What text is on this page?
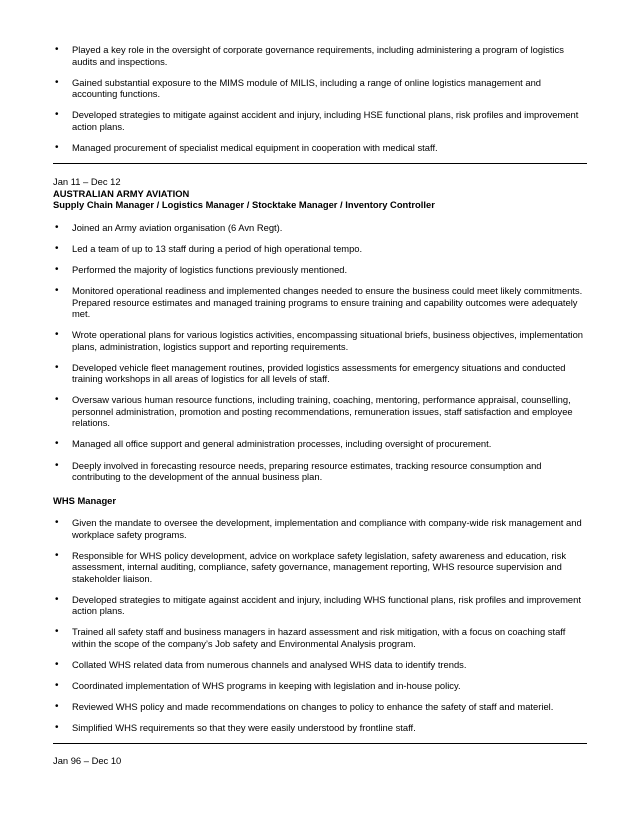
• Played a key role in the oversight of corporate governance requirements, including administering a program of logistics audits and inspections.
• Gained substantial exposure to the MIMS module of MILIS, including a range of online logistics management and accounting functions.
• Developed strategies to mitigate against accident and injury, including HSE functional plans, risk profiles and improvement action plans.
• Managed procurement of specialist medical equipment in cooperation with medical staff.

Jan 11 – Dec 12

AUSTRALIAN ARMY AVIATION

Supply Chain Manager / Logistics Manager / Stocktake Manager / Inventory Controller

• Joined an Army aviation organisation (6 Avn Regt).
• Led a team of up to 13 staff during a period of high operational tempo.
• Performed the majority of logistics functions previously mentioned.
• Monitored operational readiness and implemented changes needed to ensure the business could meet likely commitments. Prepared resource estimates and managed training programs to ensure training and capability outcomes were adequately met.
• Wrote operational plans for various logistics activities, encompassing situational briefs, business objectives, implementation plans, administration, logistics support and reporting requirements.
• Developed vehicle fleet management routines, provided logistics assessments for emergency situations and conducted training workshops in all areas of logistics for all levels of staff.
• Oversaw various human resource functions, including training, coaching, mentoring, performance appraisal, counselling, personnel administration, promotion and posting recommendations, remuneration issues, staff satisfaction and employee relations.
• Managed all office support and general administration processes, including oversight of procurement.
• Deeply involved in forecasting resource needs, preparing resource estimates, tracking resource consumption and contributing to the development of the annual business plan.

WHS Manager

• Given the mandate to oversee the development, implementation and compliance with company-wide risk management and workplace safety programs.
• Responsible for WHS policy development, advice on workplace safety legislation, safety awareness and education, risk assessment, internal auditing, compliance, safety governance, management reporting, WHS resource supervision and stakeholder liaison.
• Developed strategies to mitigate against accident and injury, including WHS functional plans, risk profiles and improvement action plans.
• Trained all safety staff and business managers in hazard assessment and risk mitigation, with a focus on coaching staff within the scope of the company’s Job safety and Environmental Analysis program.
• Collated WHS related data from numerous channels and analysed WHS data to identify trends.
• Coordinated implementation of WHS programs in keeping with legislation and in-house policy.
• Reviewed WHS policy and made recommendations on changes to policy to enhance the safety of staff and materiel.
• Simplified WHS requirements so that they were easily understood by frontline staff.

Jan 96 – Dec 10
